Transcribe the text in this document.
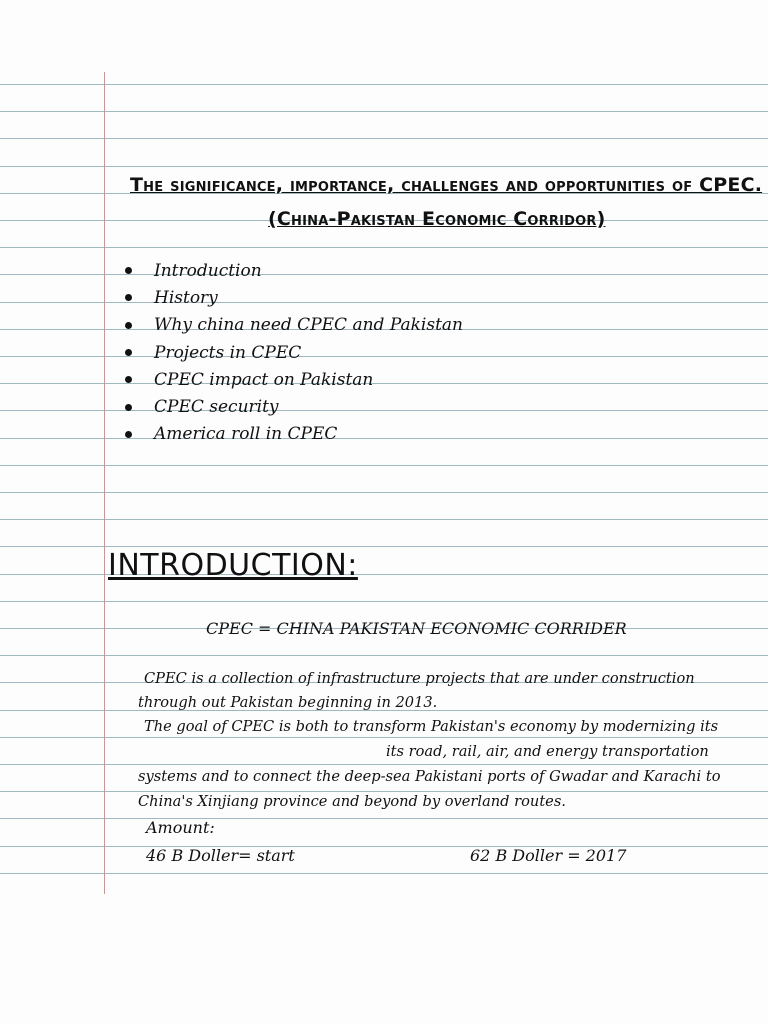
The significance, importance, challenges and opportunities of CPEC.
(China-Pakistan Economic Corridor)
Introduction
History
Why china need CPEC and Pakistan
Projects in CPEC
CPEC impact on Pakistan
CPEC security
America roll in CPEC
INTRODUCTION:
CPEC = CHINA PAKISTAN ECONOMIC CORRIDER
CPEC is a collection of infrastructure projects that are under construction
through out Pakistan beginning in 2013.
The goal of CPEC is both to transform Pakistan's economy by modernizing its
its road, rail, air, and energy transportation
systems and to connect the deep-sea Pakistani ports of Gwadar and Karachi to
China's Xinjiang province and beyond by overland routes.
Amount:
46 B Doller= start	62 B Doller = 2017
